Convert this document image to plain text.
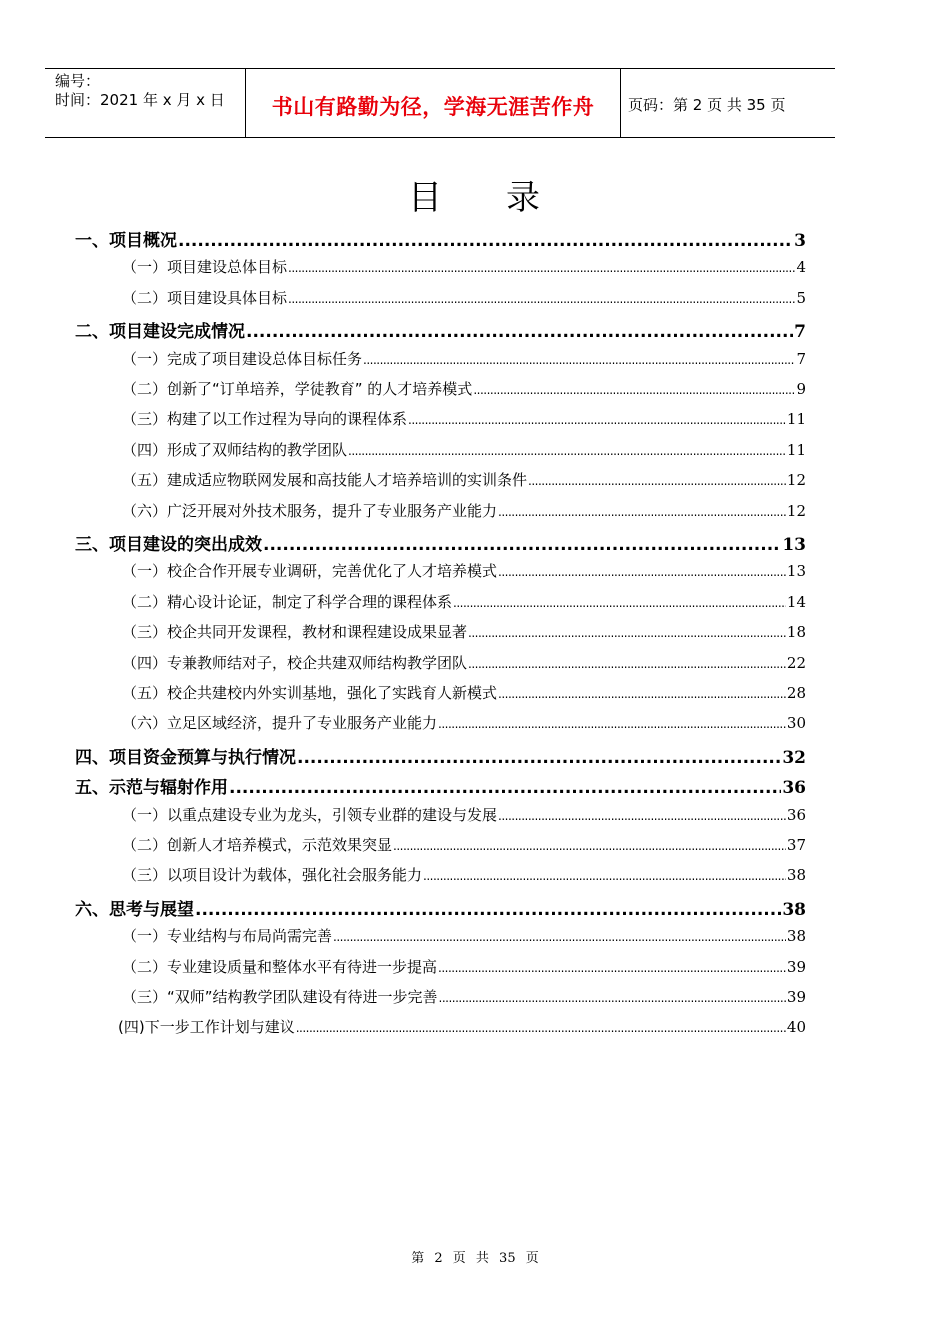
编号：
时间：2021 年 x 月 x 日	书山有路勤为径，学海无涯苦作舟	页码：第 2 页 共 35 页
目 录
一、项目概况 .....	3
（一）项目建设总体目标 .....	4
（二）项目建设具体目标 .....	5
二、项目建设完成情况 .....	7
（一）完成了项目建设总体目标任务 .....	7
（二）创新了“订单培养，学徒教育” 的人才培养模式 .....	9
（三）构建了以工作过程为导向的课程体系 .....	11
（四）形成了双师结构的教学团队 .....	11
（五）建成适应物联网发展和高技能人才培养培训的实训条件 .....	12
（六）广泛开展对外技术服务，提升了专业服务产业能力 .....	12
三、项目建设的突出成效 .....	13
（一）校企合作开展专业调研，完善优化了人才培养模式 .....	13
（二）精心设计论证，制定了科学合理的课程体系 .....	14
（三）校企共同开发课程，教材和课程建设成果显著 .....	18
（四）专兼教师结对子，校企共建双师结构教学团队 .....	22
（五）校企共建校内外实训基地，强化了实践育人新模式 .....	28
（六）立足区域经济，提升了专业服务产业能力 .....	30
四、项目资金预算与执行情况 .....	32
五、示范与辐射作用 .....	36
（一）以重点建设专业为龙头，引领专业群的建设与发展 .....	36
（二）创新人才培养模式，示范效果突显 .....	37
（三）以项目设计为载体，强化社会服务能力 .....	38
六、思考与展望 .....	38
（一）专业结构与布局尚需完善 .....	38
（二）专业建设质量和整体水平有待进一步提高 .....	39
（三）“双师”结构教学团队建设有待进一步完善 .....	39
(四)下一步工作计划与建议 .....	40
第 2 页 共 35 页
